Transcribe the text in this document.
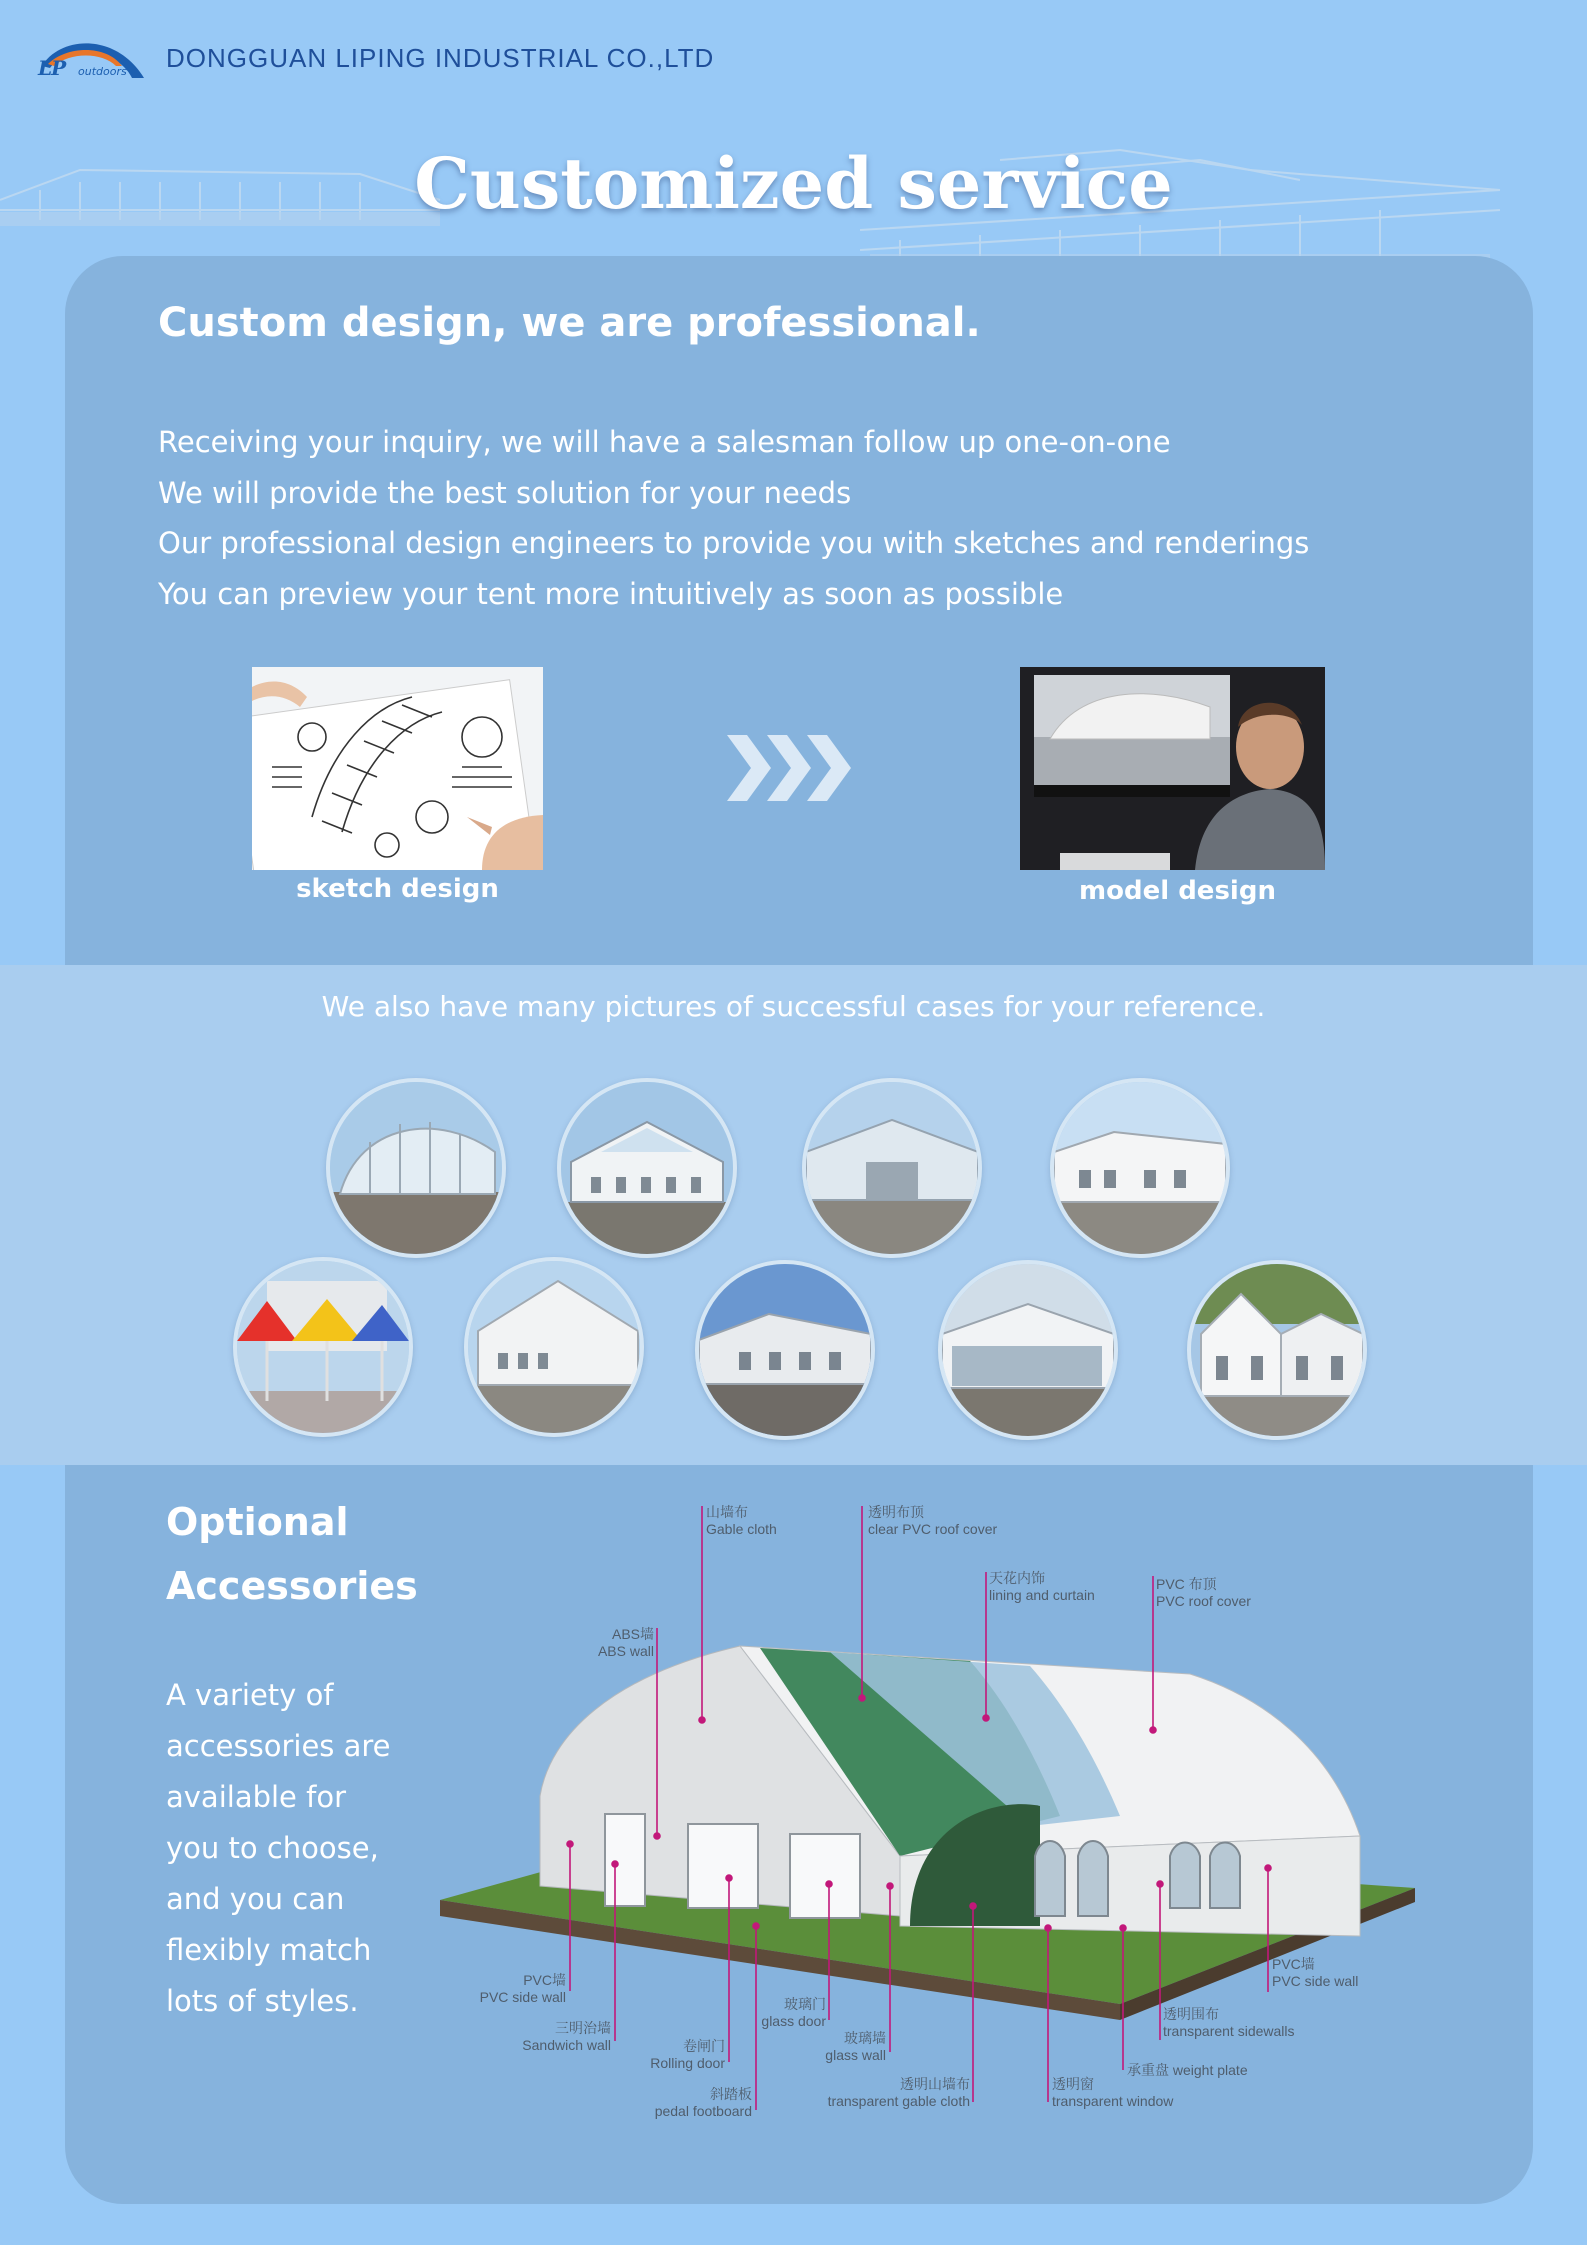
LP outdoors DONGGUAN LIPING INDUSTRIAL CO.,LTD
Customized service
Custom design, we are professional.
Receiving your inquiry, we will have a salesman follow up one-on-one
We will provide the best solution for your needs
Our professional design engineers to provide you with sketches and renderings
You can preview your tent more intuitively as soon as possible
sketch design	model design
We also have many pictures of successful cases for your reference.
Optional
Accessories
A variety of
accessories are
available for
you to choose,
and you can
flexibly match
lots of styles.
山墙布
Gable cloth
透明布顶
clear PVC roof cover
天花内饰
lining and curtain
PVC 布顶
PVC roof cover
ABS墙
ABS wall
PVC墙
PVC side wall
三明治墙
Sandwich wall
玻璃门
glass door
卷闸门
Rolling door
玻璃墙
glass wall
透明围布
transparent sidewalls
承重盘 weight plate
斜踏板
pedal footboard
透明山墙布
transparent gable cloth
透明窗
transparent window
PVC墙
PVC side wall
